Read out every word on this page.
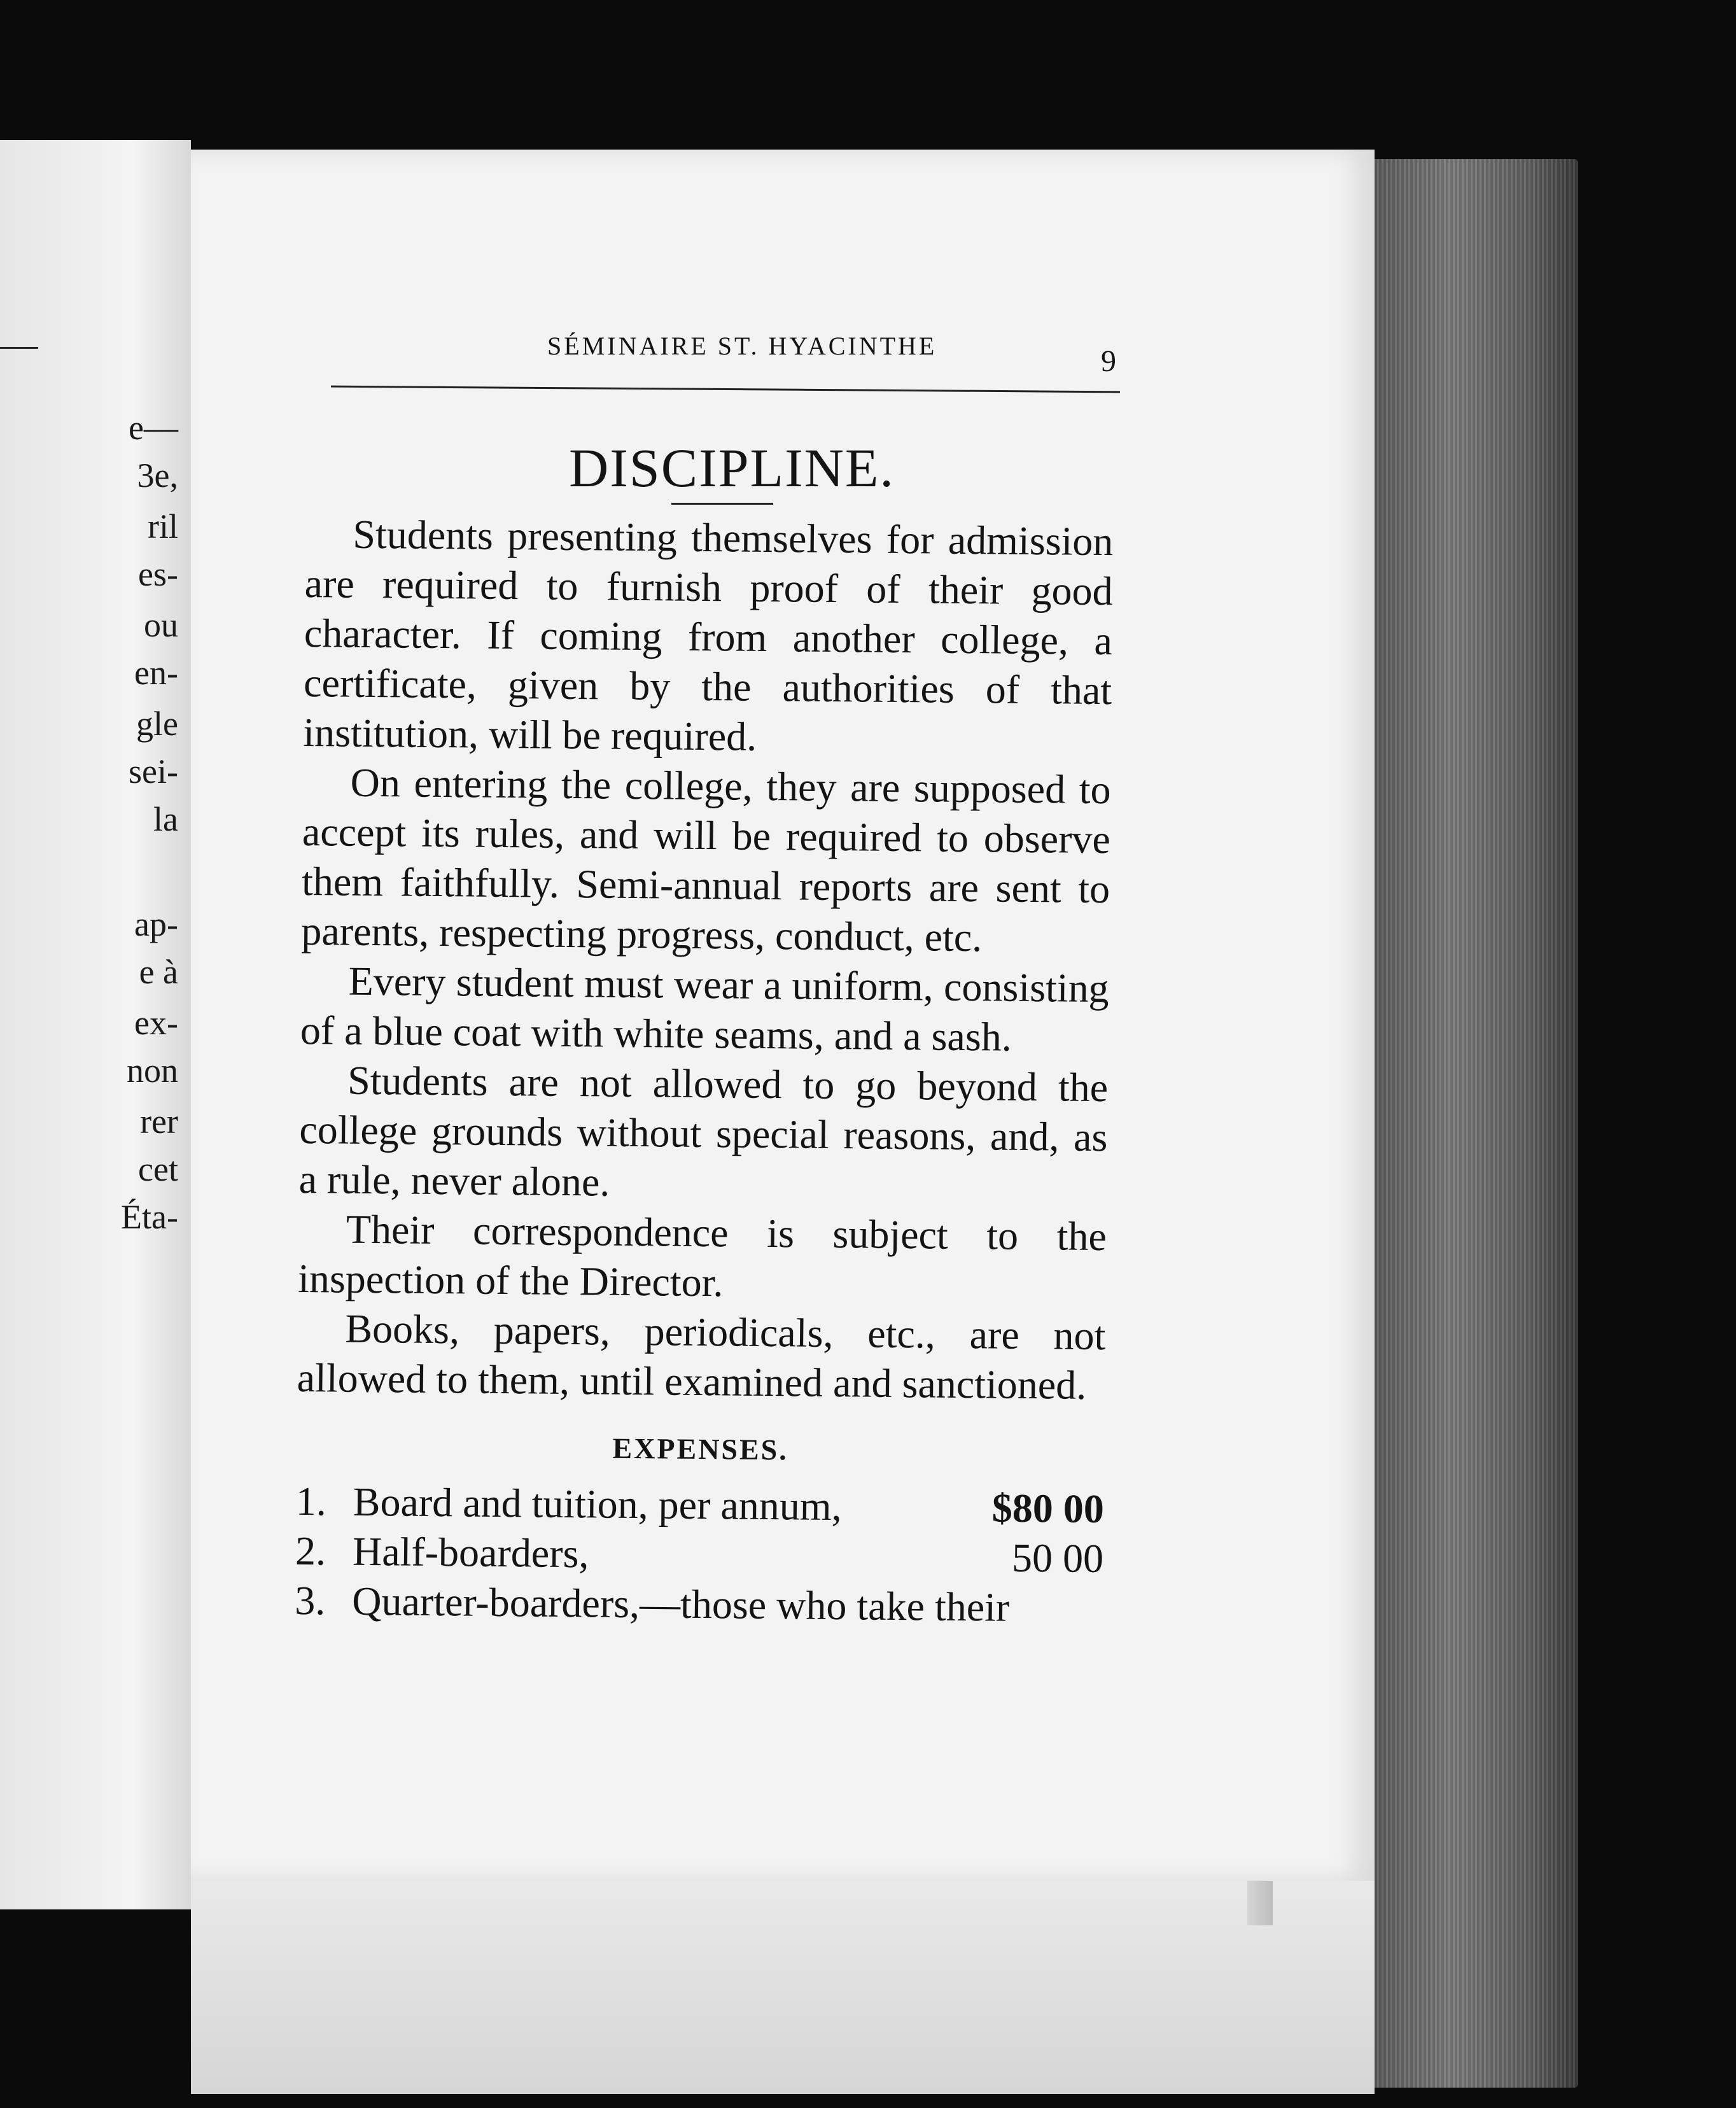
e—
3e,
ril
es-
ou
en-
gle
sei-
la
ap-
e à
ex-
non
rer
cet
Éta-
SÉMINAIRE ST. HYACINTHE	9
DISCIPLINE.

Students presenting themselves for admission are required to furnish proof of their good character. If coming from another college, a certificate, given by the authorities of that institution, will be required.

On entering the college, they are supposed to accept its rules, and will be required to observe them faithfully. Semi-annual reports are sent to parents, respecting progress, conduct, etc.

Every student must wear a uniform, consisting of a blue coat with white seams, and a sash.

Students are not allowed to go beyond the college grounds without special reasons, and, as a rule, never alone.

Their correspondence is subject to the inspection of the Director.

Books, papers, periodicals, etc., are not allowed to them, until examined and sanctioned.

EXPENSES.
1. Board and tuition, per annum,	$80 00
2. Half-boarders,	50 00
3. Quarter-boarders,—those who take their
